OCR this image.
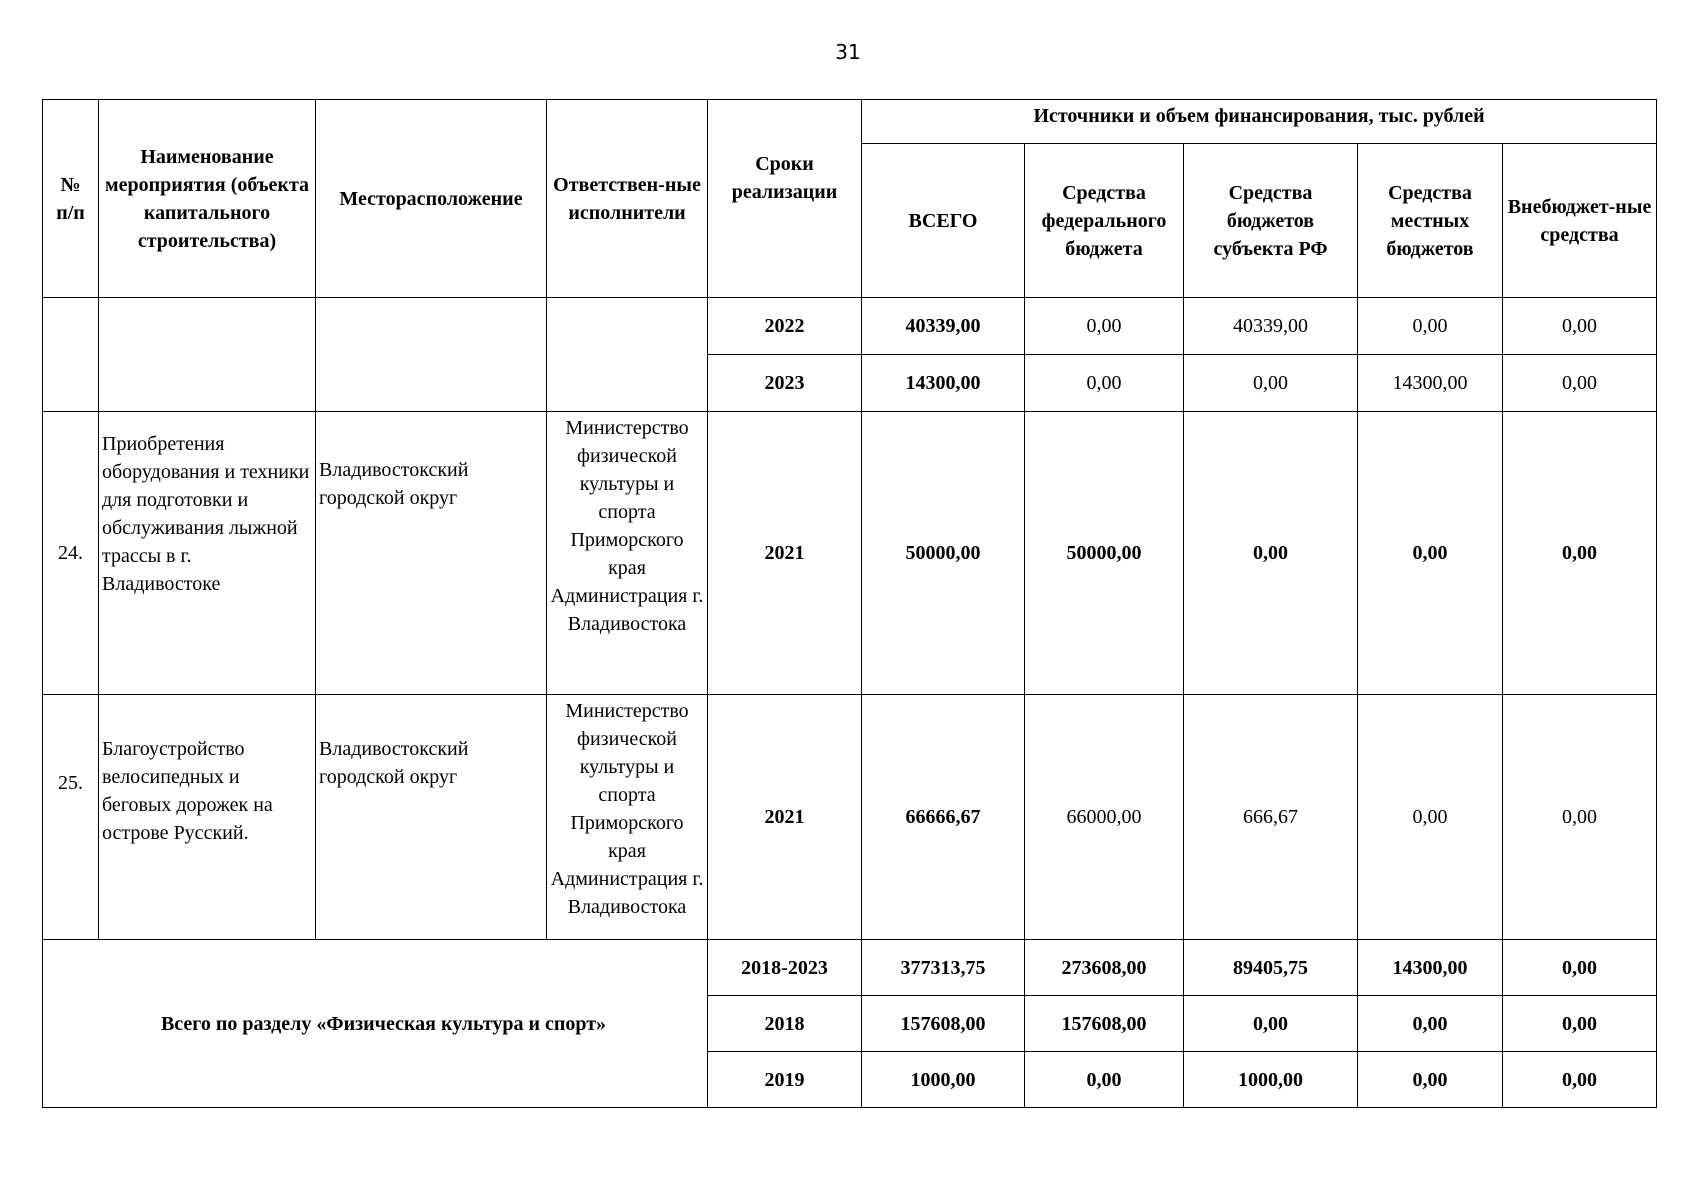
31
№
п/п	Наименование мероприятия (объекта капитального строительства)	Месторасположение	Ответствен-ные исполнители	Сроки реализации	Источники и объем финансирования, тыс. рублей				
					ВСЕГО	Средства федерального бюджета	Средства бюджетов субъекта РФ	Средства местных бюджетов	Внебюджет-ные средства
				2022	40339,00	0,00	40339,00	0,00	0,00
				2023	14300,00	0,00	0,00	14300,00	0,00
24.	Приобретения оборудования и техники для подготовки и обслуживания лыжной трассы в г. Владивостоке	Владивостокский городской округ	Министерство физической культуры и спорта Приморского края Администрация г. Владивостока	2021	50000,00	50000,00	0,00	0,00	0,00
25.	Благоустройство велосипедных и беговых дорожек на острове Русский.	Владивостокский городской округ	Министерство физической культуры и спорта Приморского края Администрация г. Владивостока	2021	66666,67	66000,00	666,67	0,00	0,00
Всего по разделу «Физическая культура и спорт»				2018-2023	377313,75	273608,00	89405,75	14300,00	0,00
				2018	157608,00	157608,00	0,00	0,00	0,00
				2019	1000,00	0,00	1000,00	0,00	0,00
